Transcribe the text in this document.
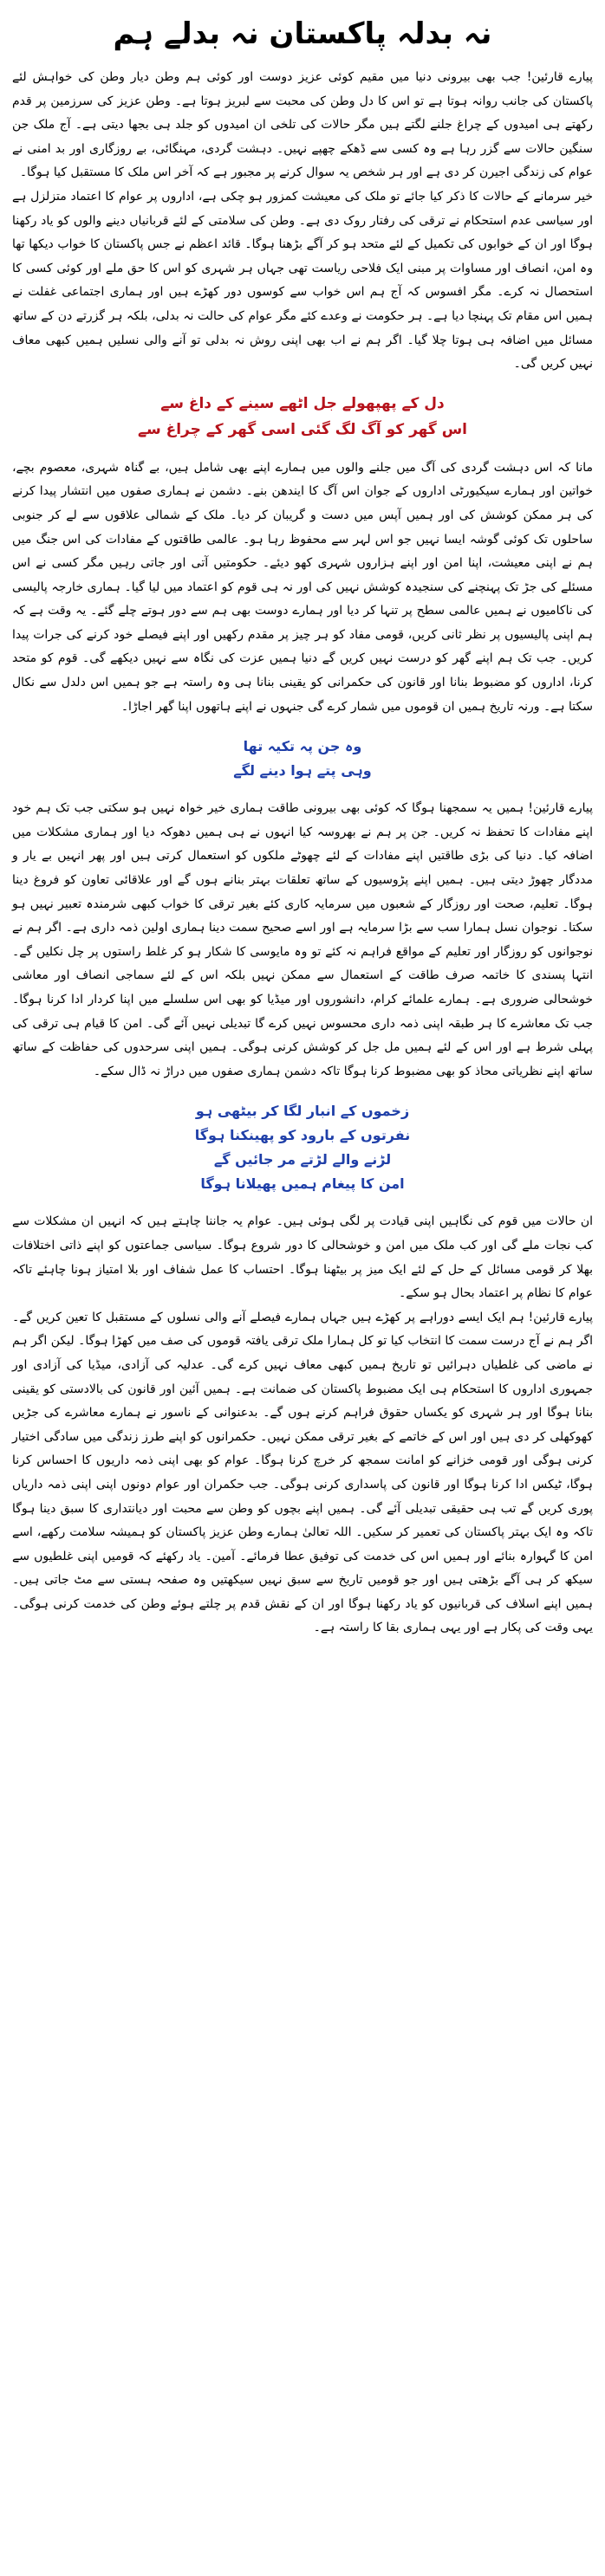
نہ بدلہ پاکستان نہ بدلے ہم

پیارے قارئین! جب بھی بیرونی دنیا میں مقیم کوئی عزیز دوست اور کوئی ہم وطن دیار وطن کی خواہش لئے پاکستان کی جانب روانہ ہوتا ہے تو اس کا دل وطن کی محبت سے لبریز ہوتا ہے۔ وطن عزیز کی سرزمین پر قدم رکھتے ہی امیدوں کے چراغ جلنے لگتے ہیں مگر حالات کی تلخی ان امیدوں کو جلد ہی بجھا دیتی ہے۔ آج ملک جن سنگین حالات سے گزر رہا ہے وہ کسی سے ڈھکے چھپے نہیں۔ دہشت گردی، مہنگائی، بے روزگاری اور بد امنی نے عوام کی زندگی اجیرن کر دی ہے اور ہر شخص یہ سوال کرنے پر مجبور ہے کہ آخر اس ملک کا مستقبل کیا ہوگا۔

خیر سرمانے کے حالات کا ذکر کیا جائے تو ملک کی معیشت کمزور ہو چکی ہے، اداروں پر عوام کا اعتماد متزلزل ہے اور سیاسی عدم استحکام نے ترقی کی رفتار روک دی ہے۔ وطن کی سلامتی کے لئے قربانیاں دینے والوں کو یاد رکھنا ہوگا اور ان کے خوابوں کی تکمیل کے لئے متحد ہو کر آگے بڑھنا ہوگا۔ قائد اعظم نے جس پاکستان کا خواب دیکھا تھا وہ امن، انصاف اور مساوات پر مبنی ایک فلاحی ریاست تھی جہاں ہر شہری کو اس کا حق ملے اور کوئی کسی کا استحصال نہ کرے۔ مگر افسوس کہ آج ہم اس خواب سے کوسوں دور کھڑے ہیں اور ہماری اجتماعی غفلت نے ہمیں اس مقام تک پہنچا دیا ہے۔ ہر حکومت نے وعدے کئے مگر عوام کی حالت نہ بدلی، بلکہ ہر گزرتے دن کے ساتھ مسائل میں اضافہ ہی ہوتا چلا گیا۔ اگر ہم نے اب بھی اپنی روش نہ بدلی تو آنے والی نسلیں ہمیں کبھی معاف نہیں کریں گی۔

دل کے پھپھولے جل اٹھے سینے کے داغ سے
اس گھر کو آگ لگ گئی اسی گھر کے چراغ سے

مانا کہ اس دہشت گردی کی آگ میں جلنے والوں میں ہمارے اپنے بھی شامل ہیں، بے گناہ شہری، معصوم بچے، خواتین اور ہمارے سیکیورٹی اداروں کے جوان اس آگ کا ایندھن بنے۔ دشمن نے ہماری صفوں میں انتشار پیدا کرنے کی ہر ممکن کوشش کی اور ہمیں آپس میں دست و گریبان کر دیا۔ ملک کے شمالی علاقوں سے لے کر جنوبی ساحلوں تک کوئی گوشہ ایسا نہیں جو اس لہر سے محفوظ رہا ہو۔ عالمی طاقتوں کے مفادات کی اس جنگ میں ہم نے اپنی معیشت، اپنا امن اور اپنے ہزاروں شہری کھو دیئے۔ حکومتیں آتی اور جاتی رہیں مگر کسی نے اس مسئلے کی جڑ تک پہنچنے کی سنجیدہ کوشش نہیں کی اور نہ ہی قوم کو اعتماد میں لیا گیا۔ ہماری خارجہ پالیسی کی ناکامیوں نے ہمیں عالمی سطح پر تنہا کر دیا اور ہمارے دوست بھی ہم سے دور ہوتے چلے گئے۔ یہ وقت ہے کہ ہم اپنی پالیسیوں پر نظر ثانی کریں، قومی مفاد کو ہر چیز پر مقدم رکھیں اور اپنے فیصلے خود کرنے کی جرات پیدا کریں۔ جب تک ہم اپنے گھر کو درست نہیں کریں گے دنیا ہمیں عزت کی نگاہ سے نہیں دیکھے گی۔ قوم کو متحد کرنا، اداروں کو مضبوط بنانا اور قانون کی حکمرانی کو یقینی بنانا ہی وہ راستہ ہے جو ہمیں اس دلدل سے نکال سکتا ہے۔ ورنہ تاریخ ہمیں ان قوموں میں شمار کرے گی جنہوں نے اپنے ہاتھوں اپنا گھر اجاڑا۔

وہ جن پہ تکیہ تھا
وہی پتے ہوا دینے لگے

پیارے قارئین! ہمیں یہ سمجھنا ہوگا کہ کوئی بھی بیرونی طاقت ہماری خیر خواہ نہیں ہو سکتی جب تک ہم خود اپنے مفادات کا تحفظ نہ کریں۔ جن پر ہم نے بھروسہ کیا انہوں نے ہی ہمیں دھوکہ دیا اور ہماری مشکلات میں اضافہ کیا۔ دنیا کی بڑی طاقتیں اپنے مفادات کے لئے چھوٹے ملکوں کو استعمال کرتی ہیں اور پھر انہیں بے یار و مددگار چھوڑ دیتی ہیں۔ ہمیں اپنے پڑوسیوں کے ساتھ تعلقات بہتر بنانے ہوں گے اور علاقائی تعاون کو فروغ دینا ہوگا۔ تعلیم، صحت اور روزگار کے شعبوں میں سرمایہ کاری کئے بغیر ترقی کا خواب کبھی شرمندہ تعبیر نہیں ہو سکتا۔ نوجوان نسل ہمارا سب سے بڑا سرمایہ ہے اور اسے صحیح سمت دینا ہماری اولین ذمہ داری ہے۔ اگر ہم نے نوجوانوں کو روزگار اور تعلیم کے مواقع فراہم نہ کئے تو وہ مایوسی کا شکار ہو کر غلط راستوں پر چل نکلیں گے۔ انتہا پسندی کا خاتمہ صرف طاقت کے استعمال سے ممکن نہیں بلکہ اس کے لئے سماجی انصاف اور معاشی خوشحالی ضروری ہے۔ ہمارے علمائے کرام، دانشوروں اور میڈیا کو بھی اس سلسلے میں اپنا کردار ادا کرنا ہوگا۔ جب تک معاشرے کا ہر طبقہ اپنی ذمہ داری محسوس نہیں کرے گا تبدیلی نہیں آئے گی۔ امن کا قیام ہی ترقی کی پہلی شرط ہے اور اس کے لئے ہمیں مل جل کر کوشش کرنی ہوگی۔ ہمیں اپنی سرحدوں کی حفاظت کے ساتھ ساتھ اپنے نظریاتی محاذ کو بھی مضبوط کرنا ہوگا تاکہ دشمن ہماری صفوں میں دراڑ نہ ڈال سکے۔

زخموں کے انبار لگا کر بیٹھی ہو
نفرتوں کے بارود کو پھینکنا ہوگا
لڑنے والے لڑتے مر جائیں گے
امن کا پیغام ہمیں پھیلانا ہوگا

ان حالات میں قوم کی نگاہیں اپنی قیادت پر لگی ہوئی ہیں۔ عوام یہ جاننا چاہتے ہیں کہ انہیں ان مشکلات سے کب نجات ملے گی اور کب ملک میں امن و خوشحالی کا دور شروع ہوگا۔ سیاسی جماعتوں کو اپنے ذاتی اختلافات بھلا کر قومی مسائل کے حل کے لئے ایک میز پر بیٹھنا ہوگا۔ احتساب کا عمل شفاف اور بلا امتیاز ہونا چاہئے تاکہ عوام کا نظام پر اعتماد بحال ہو سکے۔

پیارے قارئین! ہم ایک ایسے دوراہے پر کھڑے ہیں جہاں ہمارے فیصلے آنے والی نسلوں کے مستقبل کا تعین کریں گے۔ اگر ہم نے آج درست سمت کا انتخاب کیا تو کل ہمارا ملک ترقی یافتہ قوموں کی صف میں کھڑا ہوگا۔ لیکن اگر ہم نے ماضی کی غلطیاں دہرائیں تو تاریخ ہمیں کبھی معاف نہیں کرے گی۔ عدلیہ کی آزادی، میڈیا کی آزادی اور جمہوری اداروں کا استحکام ہی ایک مضبوط پاکستان کی ضمانت ہے۔ ہمیں آئین اور قانون کی بالادستی کو یقینی بنانا ہوگا اور ہر شہری کو یکساں حقوق فراہم کرنے ہوں گے۔ بدعنوانی کے ناسور نے ہمارے معاشرے کی جڑیں کھوکھلی کر دی ہیں اور اس کے خاتمے کے بغیر ترقی ممکن نہیں۔ حکمرانوں کو اپنے طرز زندگی میں سادگی اختیار کرنی ہوگی اور قومی خزانے کو امانت سمجھ کر خرچ کرنا ہوگا۔ عوام کو بھی اپنی ذمہ داریوں کا احساس کرنا ہوگا، ٹیکس ادا کرنا ہوگا اور قانون کی پاسداری کرنی ہوگی۔ جب حکمران اور عوام دونوں اپنی اپنی ذمہ داریاں پوری کریں گے تب ہی حقیقی تبدیلی آئے گی۔ ہمیں اپنے بچوں کو وطن سے محبت اور دیانتداری کا سبق دینا ہوگا تاکہ وہ ایک بہتر پاکستان کی تعمیر کر سکیں۔ اللہ تعالیٰ ہمارے وطن عزیز پاکستان کو ہمیشہ سلامت رکھے، اسے امن کا گہوارہ بنائے اور ہمیں اس کی خدمت کی توفیق عطا فرمائے۔ آمین۔ یاد رکھئے کہ قومیں اپنی غلطیوں سے سیکھ کر ہی آگے بڑھتی ہیں اور جو قومیں تاریخ سے سبق نہیں سیکھتیں وہ صفحہ ہستی سے مٹ جاتی ہیں۔ ہمیں اپنے اسلاف کی قربانیوں کو یاد رکھنا ہوگا اور ان کے نقش قدم پر چلتے ہوئے وطن کی خدمت کرنی ہوگی۔ یہی وقت کی پکار ہے اور یہی ہماری بقا کا راستہ ہے۔
